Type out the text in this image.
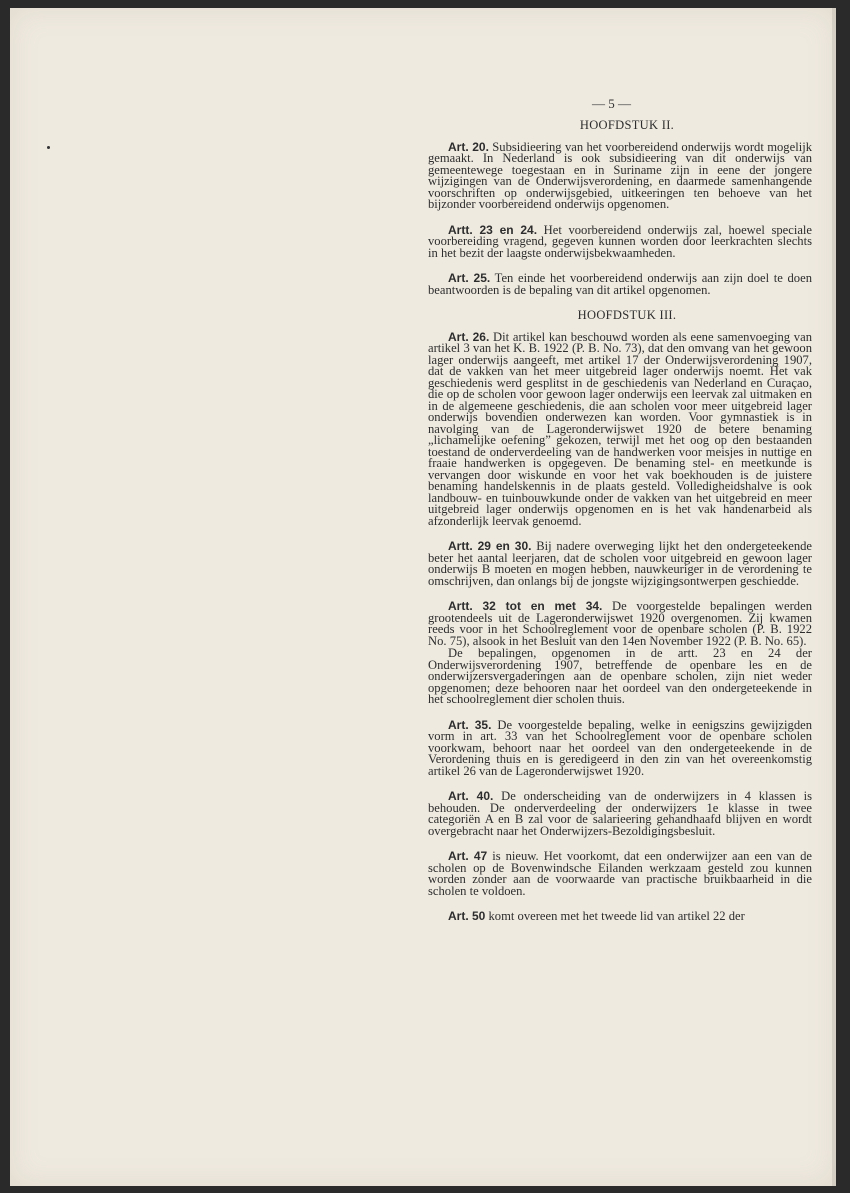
— 5 —
HOOFDSTUK II.

Art. 20. Subsidieering van het voorbereidend onderwijs wordt mogelijk gemaakt. In Nederland is ook subsidieering van dit onderwijs van gemeentewege toegestaan en in Suriname zijn in eene der jongere wijzigingen van de Onderwijsverordening, en daarmede samenhangende voorschriften op onderwijsgebied, uitkeeringen ten behoeve van het bijzonder voorbereidend onderwijs opgenomen.

Artt. 23 en 24. Het voorbereidend onderwijs zal, hoewel speciale voorbereiding vragend, gegeven kunnen worden door leerkrachten slechts in het bezit der laagste onderwijsbekwaamheden.

Art. 25. Ten einde het voorbereidend onderwijs aan zijn doel te doen beantwoorden is de bepaling van dit artikel opgenomen.

HOOFDSTUK III.

Art. 26. Dit artikel kan beschouwd worden als eene samenvoeging van artikel 3 van het K. B. 1922 (P. B. No. 73), dat den omvang van het gewoon lager onderwijs aangeeft, met artikel 17 der Onderwijsverordening 1907, dat de vakken van het meer uitgebreid lager onderwijs noemt. Het vak geschiedenis werd gesplitst in de geschiedenis van Nederland en Curaçao, die op de scholen voor gewoon lager onderwijs een leervak zal uitmaken en in de algemeene geschiedenis, die aan scholen voor meer uitgebreid lager onderwijs bovendien onderwezen kan worden. Voor gymnastiek is in navolging van de Lageronderwijswet 1920 de betere benaming „lichamelijke oefening” gekozen, terwijl met het oog op den bestaanden toestand de onderverdeeling van de handwerken voor meisjes in nuttige en fraaie handwerken is opgegeven. De benaming stel- en meetkunde is vervangen door wiskunde en voor het vak boekhouden is de juistere benaming handelskennis in de plaats gesteld. Volledigheidshalve is ook landbouw- en tuinbouwkunde onder de vakken van het uitgebreid en meer uitgebreid lager onderwijs opgenomen en is het vak handenarbeid als afzonderlijk leervak genoemd.

Artt. 29 en 30. Bij nadere overweging lijkt het den ondergeteekende beter het aantal leerjaren, dat de scholen voor uitgebreid en gewoon lager onderwijs B moeten en mogen hebben, nauwkeuriger in de verordening te omschrijven, dan onlangs bij de jongste wijzigingsontwerpen geschiedde.

Artt. 32 tot en met 34. De voorgestelde bepalingen werden grootendeels uit de Lageronderwijswet 1920 overgenomen. Zij kwamen reeds voor in het Schoolreglement voor de openbare scholen (P. B. 1922 No. 75), alsook in het Besluit van den 14en November 1922 (P. B. No. 65).

De bepalingen, opgenomen in de artt. 23 en 24 der Onderwijsverordening 1907, betreffende de openbare les en de onderwijzersvergaderingen aan de openbare scholen, zijn niet weder opgenomen; deze behooren naar het oordeel van den ondergeteekende in het schoolreglement dier scholen thuis.

Art. 35. De voorgestelde bepaling, welke in eenigszins gewijzigden vorm in art. 33 van het Schoolreglement voor de openbare scholen voorkwam, behoort naar het oordeel van den ondergeteekende in de Verordening thuis en is geredigeerd in den zin van het overeenkomstig artikel 26 van de Lageronderwijswet 1920.

Art. 40. De onderscheiding van de onderwijzers in 4 klassen is behouden. De onderverdeeling der onderwijzers 1e klasse in twee categoriën A en B zal voor de salarieering gehandhaafd blijven en wordt overgebracht naar het Onderwijzers-Bezoldigingsbesluit.

Art. 47 is nieuw. Het voorkomt, dat een onderwijzer aan een van de scholen op de Bovenwindsche Eilanden werkzaam gesteld zou kunnen worden zonder aan de voorwaarde van practische bruikbaarheid in die scholen te voldoen.

Art. 50 komt overeen met het tweede lid van artikel 22 der
